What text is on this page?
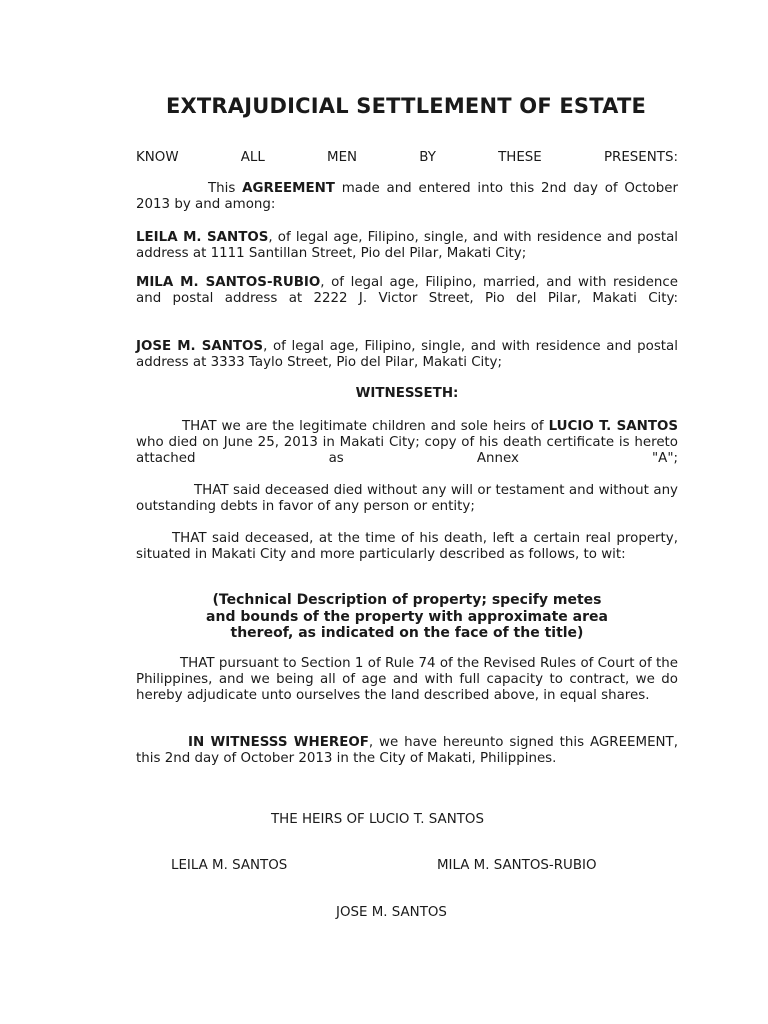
EXTRAJUDICIAL SETTLEMENT OF ESTATE
KNOW	ALL	MEN	BY	THESE	PRESENTS:
This AGREEMENT made and entered into this 2nd day of October 2013 by and among:
LEILA M. SANTOS, of legal age, Filipino, single, and with residence and postal address at 1111 Santillan Street, Pio del Pilar, Makati City;
MILA M. SANTOS-RUBIO, of legal age, Filipino, married, and with residence and postal address at 2222 J. Victor Street, Pio del Pilar, Makati City:
JOSE M. SANTOS, of legal age, Filipino, single, and with residence and postal address at 3333 Taylo Street, Pio del Pilar, Makati City;
WITNESSETH:
THAT we are the legitimate children and sole heirs of LUCIO T. SANTOS who died on June 25, 2013 in Makati City; copy of his death certificate is hereto attached as Annex "A";
THAT said deceased died without any will or testament and without any outstanding debts in favor of any person or entity;
THAT said deceased, at the time of his death, left a certain real property, situated in Makati City and more particularly described as follows, to wit:
(Technical Description of property; specify metes
and bounds of the property with approximate area
thereof, as indicated on the face of the title)
THAT pursuant to Section 1 of Rule 74 of the Revised Rules of Court of the Philippines, and we being all of age and with full capacity to contract, we do hereby adjudicate unto ourselves the land described above, in equal shares.
IN WITNESSS WHEREOF, we have hereunto signed this AGREEMENT, this 2nd day of October 2013 in the City of Makati, Philippines.
THE HEIRS OF LUCIO T. SANTOS
LEILA M. SANTOS	MILA M. SANTOS-RUBIO
JOSE M. SANTOS
